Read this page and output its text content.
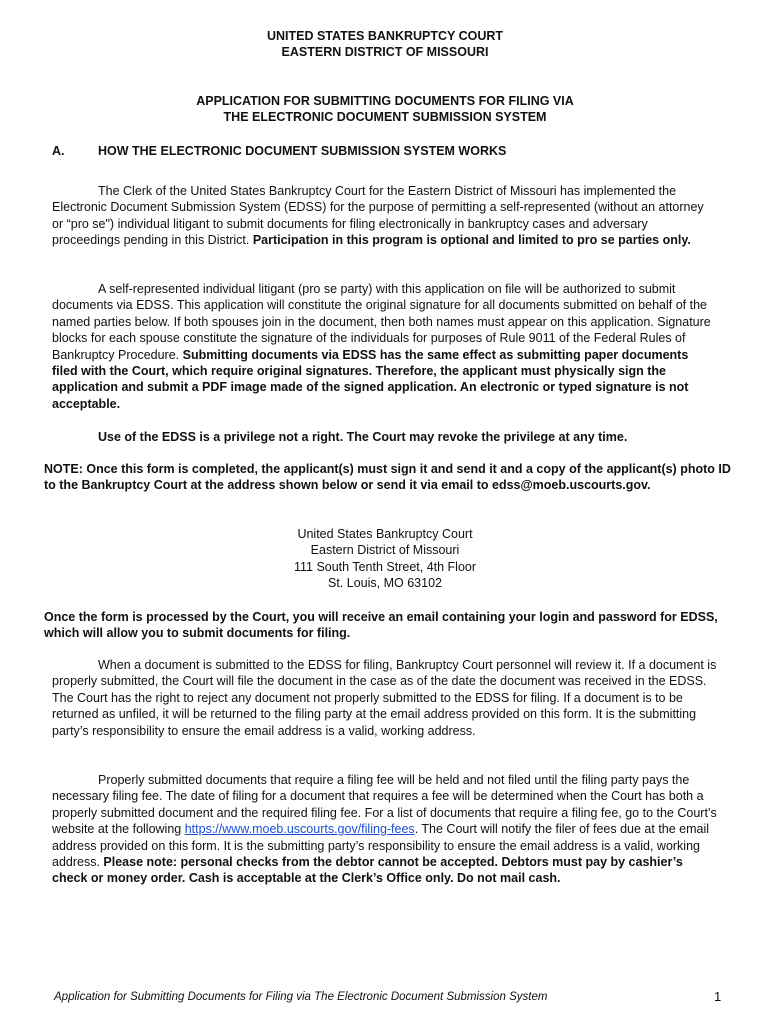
UNITED STATES BANKRUPTCY COURT
EASTERN DISTRICT OF MISSOURI
APPLICATION FOR SUBMITTING DOCUMENTS FOR FILING VIA
THE ELECTRONIC DOCUMENT SUBMISSION SYSTEM
A.	HOW THE ELECTRONIC DOCUMENT SUBMISSION SYSTEM WORKS
The Clerk of the United States Bankruptcy Court for the Eastern District of Missouri has implemented the Electronic Document Submission System (EDSS) for the purpose of permitting a self-represented (without an attorney or “pro se") individual litigant to submit documents for filing electronically in bankruptcy cases and adversary proceedings pending in this District. Participation in this program is optional and limited to pro se parties only.
A self-represented individual litigant (pro se party) with this application on file will be authorized to submit documents via EDSS. This application will constitute the original signature for all documents submitted on behalf of the named parties below. If both spouses join in the document, then both names must appear on this application. Signature blocks for each spouse constitute the signature of the individuals for purposes of Rule 9011 of the Federal Rules of Bankruptcy Procedure. Submitting documents via EDSS has the same effect as submitting paper documents filed with the Court, which require original signatures. Therefore, the applicant must physically sign the application and submit a PDF image made of the signed application. An electronic or typed signature is not acceptable.
Use of the EDSS is a privilege not a right. The Court may revoke the privilege at any time.
NOTE: Once this form is completed, the applicant(s) must sign it and send it and a copy of the applicant(s) photo ID to the Bankruptcy Court at the address shown below or send it via email to edss@moeb.uscourts.gov.
United States Bankruptcy Court
Eastern District of Missouri
111 South Tenth Street, 4th Floor
St. Louis, MO 63102
Once the form is processed by the Court, you will receive an email containing your login and password for EDSS, which will allow you to submit documents for filing.
When a document is submitted to the EDSS for filing, Bankruptcy Court personnel will review it. If a document is properly submitted, the Court will file the document in the case as of the date the document was received in the EDSS. The Court has the right to reject any document not properly submitted to the EDSS for filing. If a document is to be returned as unfiled, it will be returned to the filing party at the email address provided on this form. It is the submitting party’s responsibility to ensure the email address is a valid, working address.
Properly submitted documents that require a filing fee will be held and not filed until the filing party pays the necessary filing fee. The date of filing for a document that requires a fee will be determined when the Court has both a properly submitted document and the required filing fee. For a list of documents that require a filing fee, go to the Court’s website at the following https://www.moeb.uscourts.gov/filing-fees. The Court will notify the filer of fees due at the email address provided on this form. It is the submitting party’s responsibility to ensure the email address is a valid, working address. Please note: personal checks from the debtor cannot be accepted. Debtors must pay by cashier’s check or money order. Cash is acceptable at the Clerk’s Office only. Do not mail cash.
Application for Submitting Documents for Filing via The Electronic Document Submission System	1
